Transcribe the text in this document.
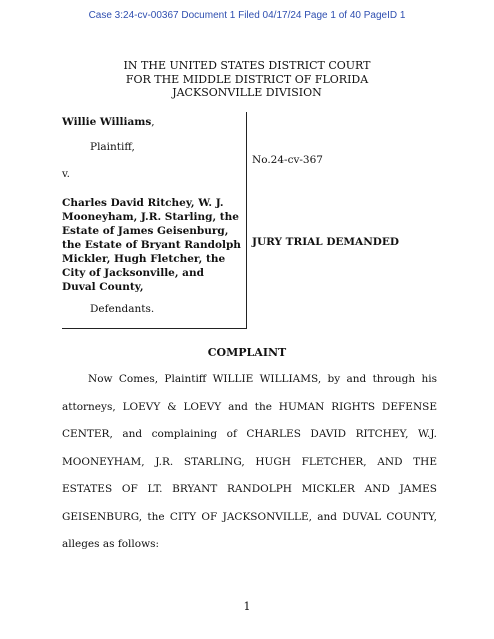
Case 3:24-cv-00367 Document 1 Filed 04/17/24 Page 1 of 40 PageID 1
IN THE UNITED STATES DISTRICT COURT
FOR THE MIDDLE DISTRICT OF FLORIDA
JACKSONVILLE DIVISION
Willie Williams,
Plaintiff,
v.
Charles David Ritchey, W. J.
Mooneyham, J.R. Starling, the
Estate of James Geisenburg,
the Estate of Bryant Randolph
Mickler, Hugh Fletcher, the
City of Jacksonville, and
Duval County,
Defendants.
No.24-cv-367
JURY TRIAL DEMANDED
COMPLAINT
Now Comes, Plaintiff WILLIE WILLIAMS, by and through his
attorneys, LOEVY & LOEVY and the HUMAN RIGHTS DEFENSE
CENTER, and complaining of CHARLES DAVID RITCHEY, W.J.
MOONEYHAM, J.R. STARLING, HUGH FLETCHER, AND THE
ESTATES OF LT. BRYANT RANDOLPH MICKLER AND JAMES
GEISENBURG, the CITY OF JACKSONVILLE, and DUVAL COUNTY,
alleges as follows:
1
